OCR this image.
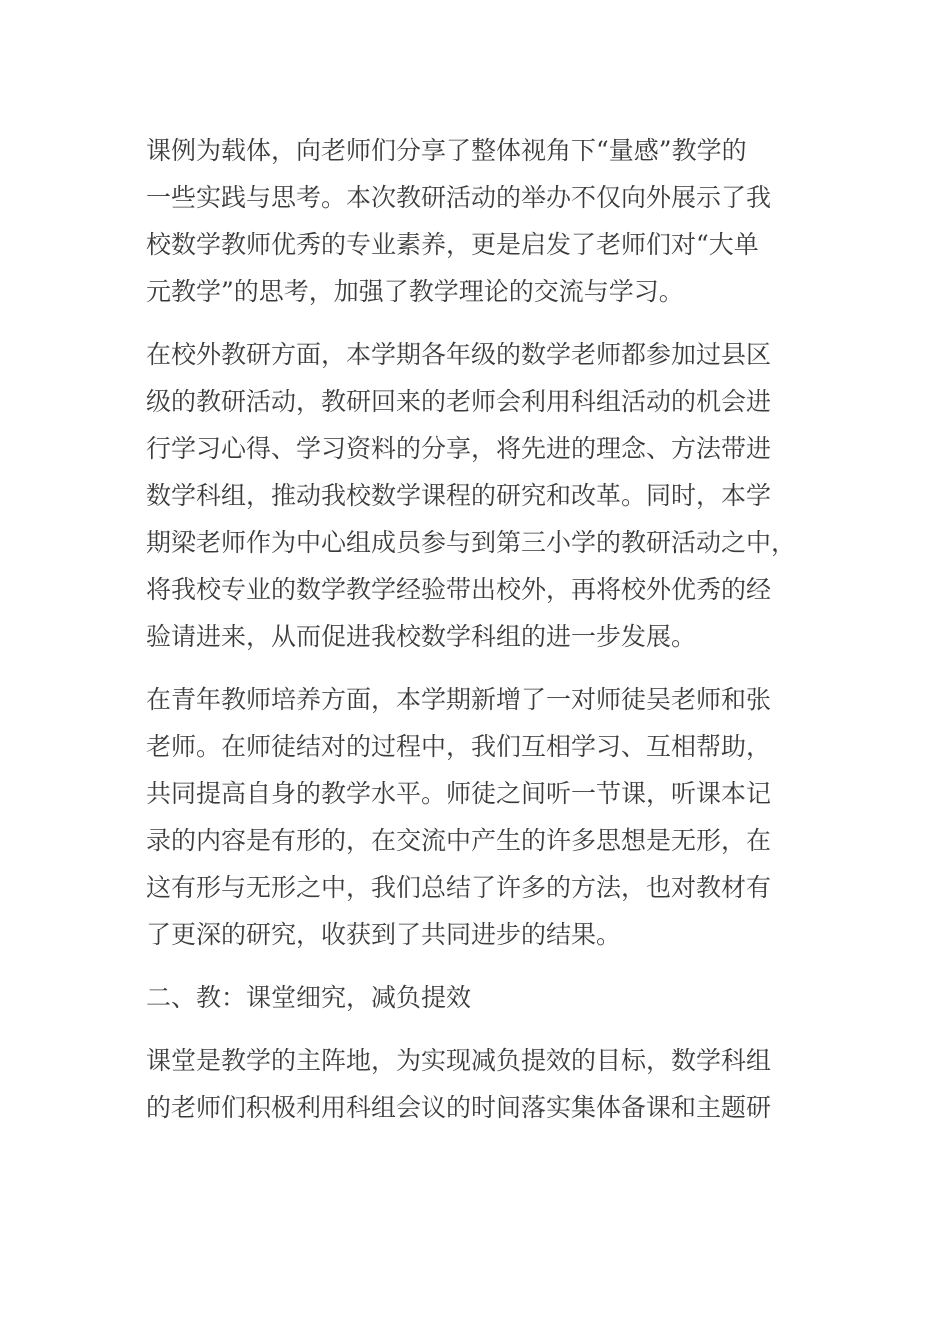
课例为载体，向老师们分享了整体视角下“量感”教学的
一些实践与思考。本次教研活动的举办不仅向外展示了我
校数学教师优秀的专业素养，更是启发了老师们对“大单
元教学”的思考，加强了教学理论的交流与学习。
在校外教研方面，本学期各年级的数学老师都参加过县区
级的教研活动，教研回来的老师会利用科组活动的机会进
行学习心得、学习资料的分享，将先进的理念、方法带进
数学科组，推动我校数学课程的研究和改革。同时，本学
期梁老师作为中心组成员参与到第三小学的教研活动之中，
将我校专业的数学教学经验带出校外，再将校外优秀的经
验请进来，从而促进我校数学科组的进一步发展。
在青年教师培养方面，本学期新增了一对师徒吴老师和张
老师。在师徒结对的过程中，我们互相学习、互相帮助，
共同提高自身的教学水平。师徒之间听一节课，听课本记
录的内容是有形的，在交流中产生的许多思想是无形，在
这有形与无形之中，我们总结了许多的方法，也对教材有
了更深的研究，收获到了共同进步的结果。
二、教：课堂细究，减负提效
课堂是教学的主阵地，为实现减负提效的目标，数学科组
的老师们积极利用科组会议的时间落实集体备课和主题研
